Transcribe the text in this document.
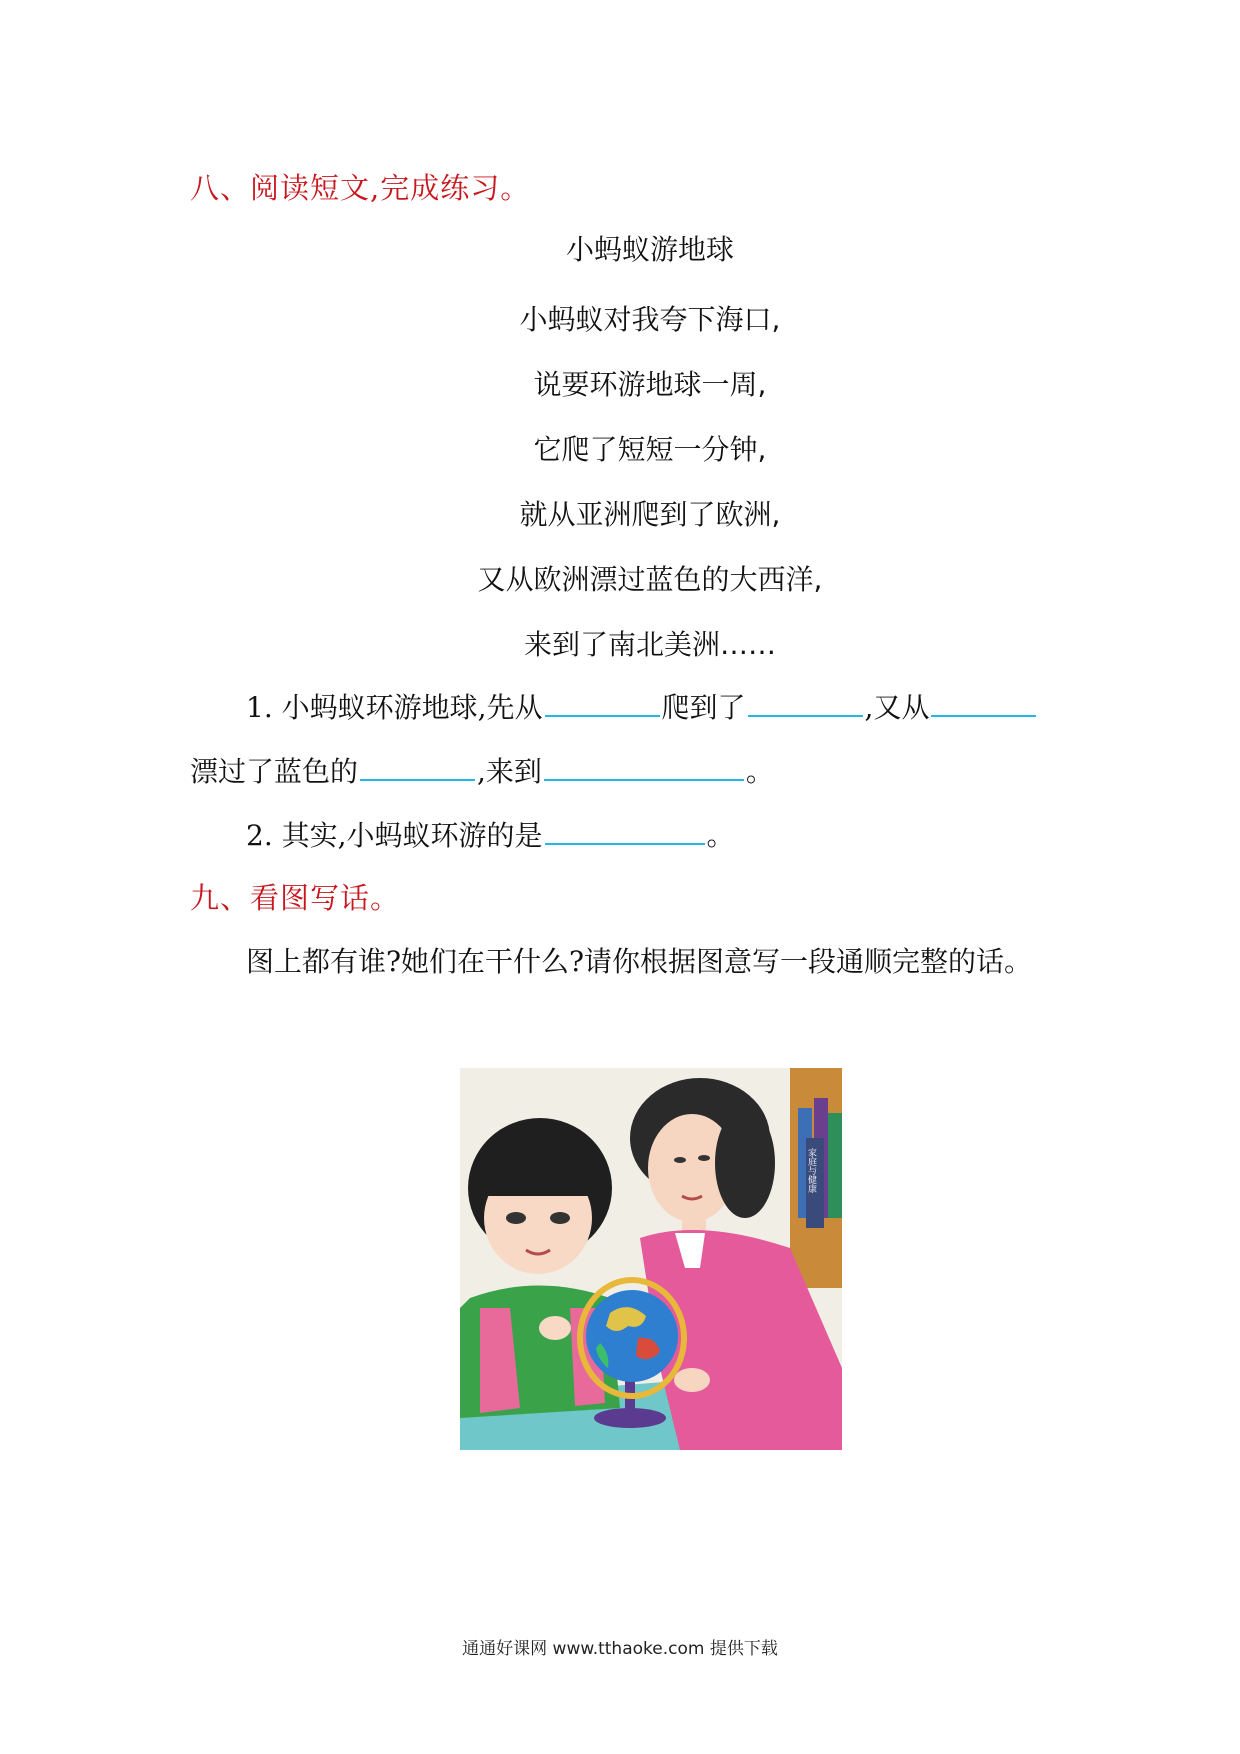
八、阅读短文,完成练习。
小蚂蚁游地球
小蚂蚁对我夸下海口,
说要环游地球一周,
它爬了短短一分钟,
就从亚洲爬到了欧洲,
又从欧洲漂过蓝色的大西洋,
来到了南北美洲……
1. 小蚂蚁环游地球,先从	爬到了	,又从
漂过了蓝色的	,来到	。
2. 其实,小蚂蚁环游的是	。
九、看图写话。
图上都有谁?她们在干什么?请你根据图意写一段通顺完整的话。
家庭与健康
通通好课网 www.tthaoke.com 提供下载
